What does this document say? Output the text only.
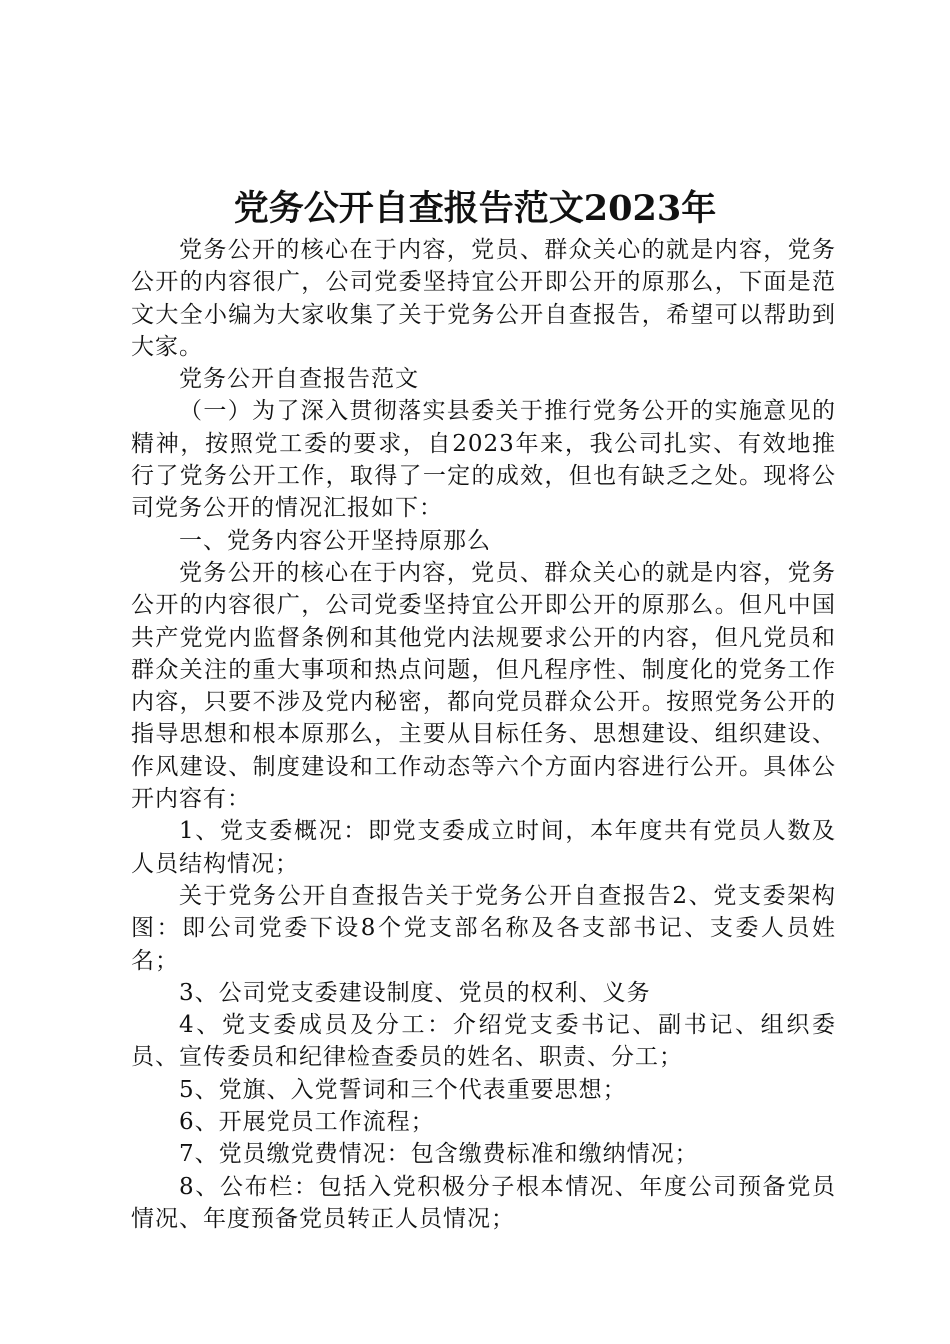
党务公开自查报告范文2023年

党务公开的核心在于内容，党员、群众关心的就是内容，党务公开的内容很广，公司党委坚持宜公开即公开的原那么，下面是范文大全小编为大家收集了关于党务公开自查报告，希望可以帮助到大家。

党务公开自查报告范文

（一）为了深入贯彻落实县委关于推行党务公开的实施意见的精神，按照党工委的要求，自2023年来，我公司扎实、有效地推行了党务公开工作，取得了一定的成效，但也有缺乏之处。现将公司党务公开的情况汇报如下：

一、党务内容公开坚持原那么

党务公开的核心在于内容，党员、群众关心的就是内容，党务公开的内容很广，公司党委坚持宜公开即公开的原那么。但凡中国共产党党内监督条例和其他党内法规要求公开的内容，但凡党员和群众关注的重大事项和热点问题，但凡程序性、制度化的党务工作内容，只要不涉及党内秘密，都向党员群众公开。按照党务公开的指导思想和根本原那么，主要从目标任务、思想建设、组织建设、作风建设、制度建设和工作动态等六个方面内容进行公开。具体公开内容有：

1、党支委概况：即党支委成立时间，本年度共有党员人数及人员结构情况；

关于党务公开自查报告关于党务公开自查报告2、党支委架构图：即公司党委下设8个党支部名称及各支部书记、支委人员姓名；

3、公司党支委建设制度、党员的权利、义务

4、党支委成员及分工：介绍党支委书记、副书记、组织委员、宣传委员和纪律检查委员的姓名、职责、分工；

5、党旗、入党誓词和三个代表重要思想；

6、开展党员工作流程；

7、党员缴党费情况：包含缴费标准和缴纳情况；

8、公布栏：包括入党积极分子根本情况、年度公司预备党员情况、年度预备党员转正人员情况；
